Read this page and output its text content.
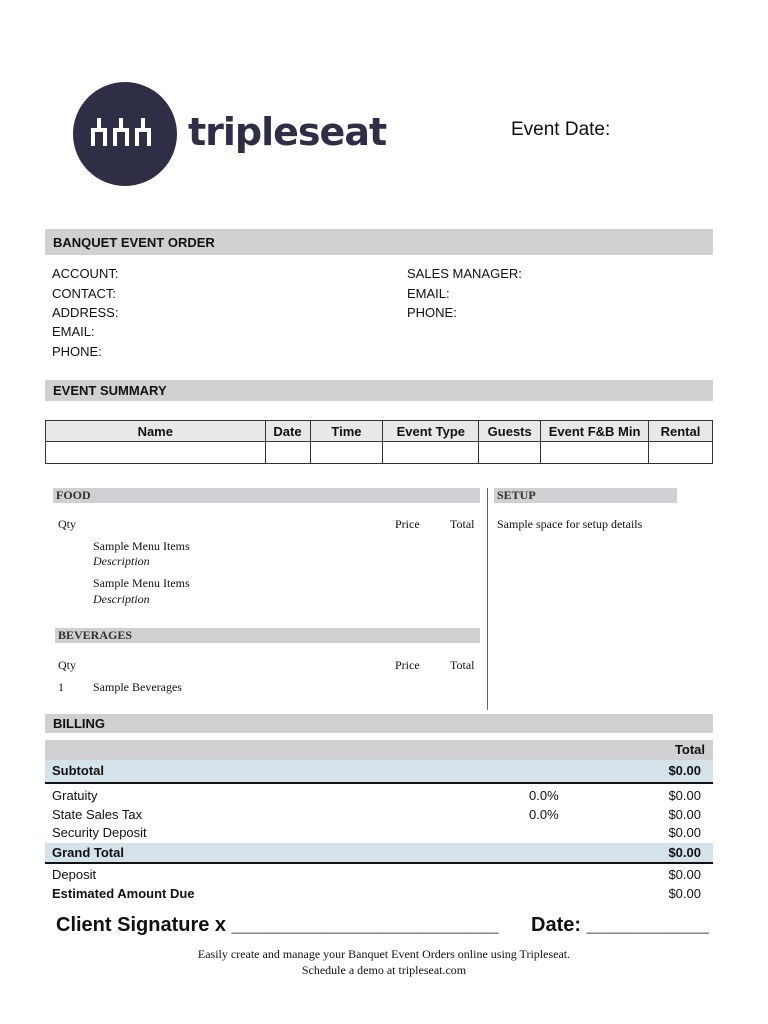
tripleseat	Event Date:
BANQUET EVENT ORDER
ACCOUNT:
CONTACT:
ADDRESS:
EMAIL:
PHONE:
SALES MANAGER:
EMAIL:
PHONE:
EVENT SUMMARY
Name	Date	Time	Event Type	Guests	Event F&B Min	Rental

FOOD
Qty	Price	Total
Sample Menu Items
Description
Sample Menu Items
Description
SETUP
Sample space for setup details
BEVERAGES
Qty	Price	Total
1 Sample Beverages
BILLING
Total
Subtotal	$0.00
Gratuity	0.0%	$0.00
State Sales Tax	0.0%	$0.00
Security Deposit	$0.00
Grand Total	$0.00
Deposit	$0.00
Estimated Amount Due	$0.00
Client Signature x ________________________ Date: ___________
Easily create and manage your Banquet Event Orders online using Tripleseat.
Schedule a demo at tripleseat.com
